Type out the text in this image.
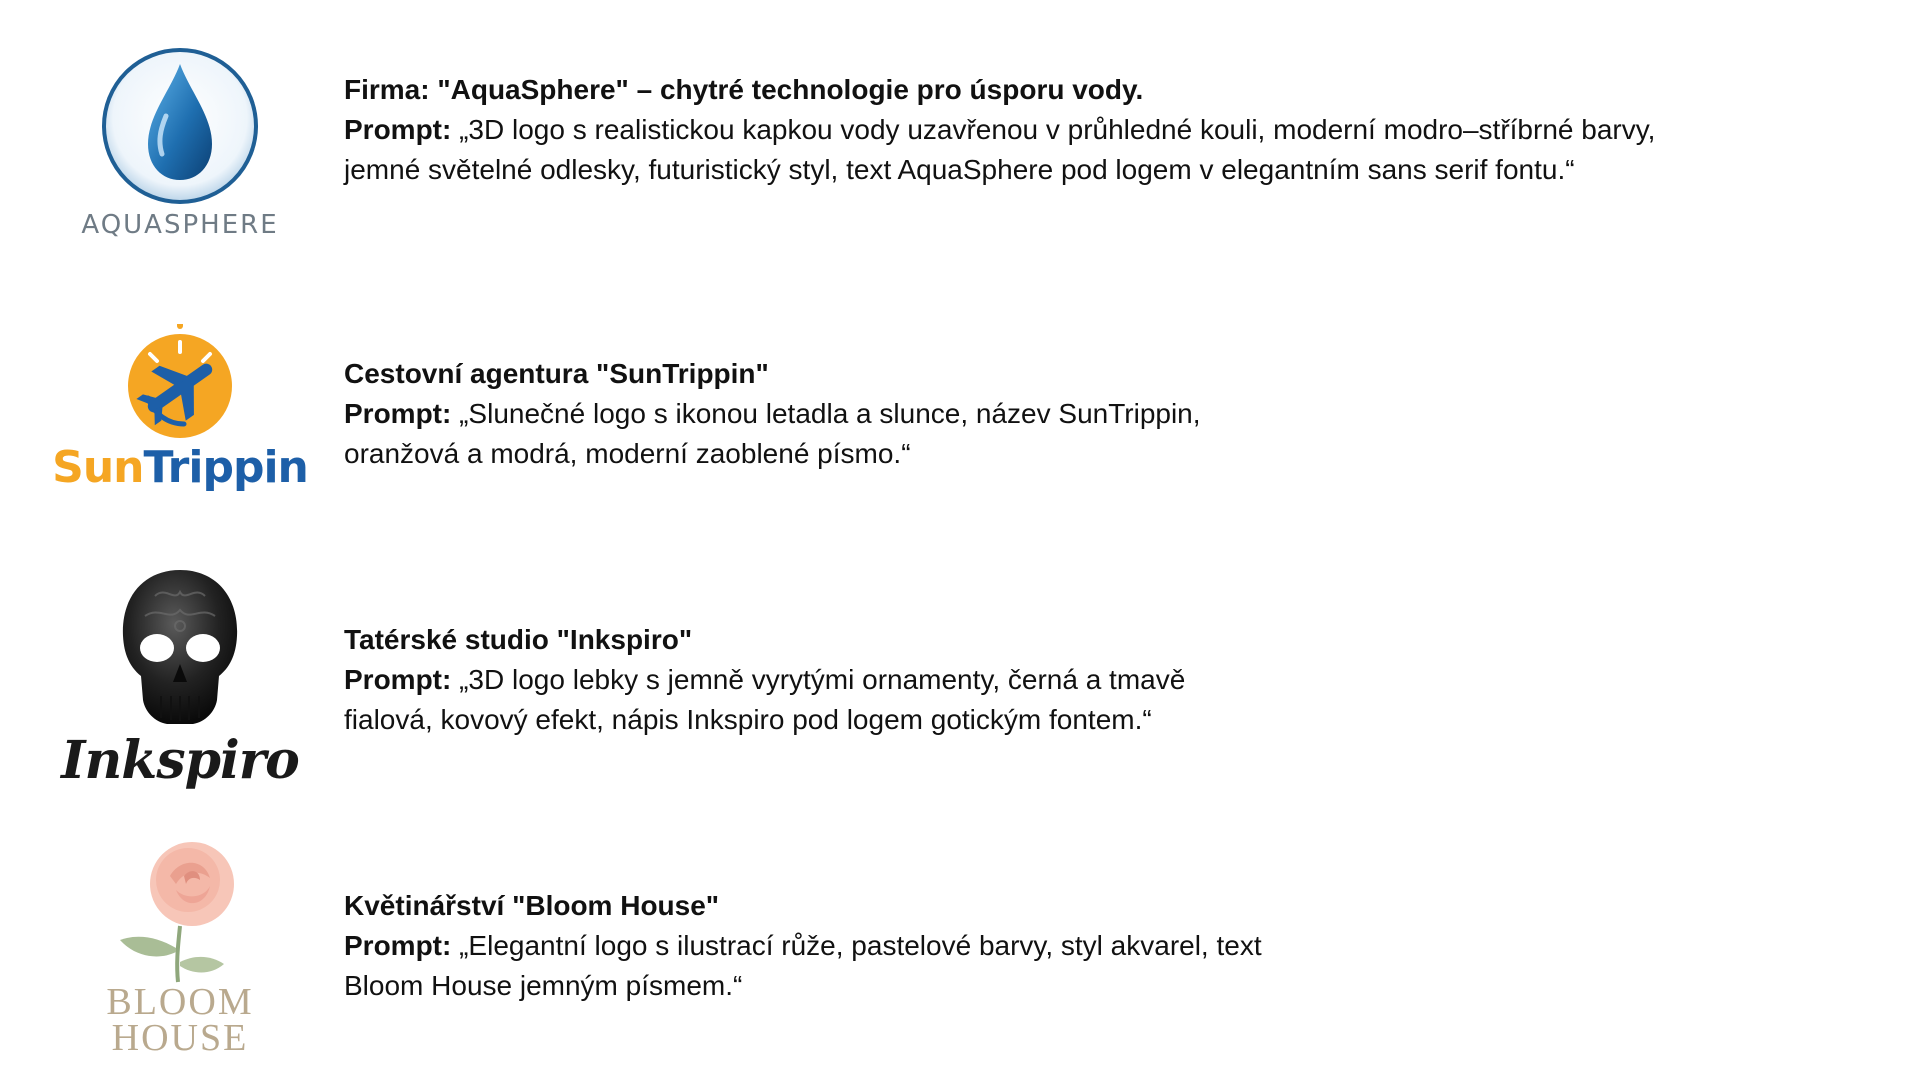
AQUASPHERE
Firma: "AquaSphere" – chytré technologie pro úsporu vody.
Prompt: „3D logo s realistickou kapkou vody uzavřenou v průhledné kouli, moderní modro–stříbrné barvy,
jemné světelné odlesky, futuristický styl, text AquaSphere pod logem v elegantním sans serif fontu.“
SunTrippin
Cestovní agentura "SunTrippin"
Prompt: „Slunečné logo s ikonou letadla a slunce, název SunTrippin,
oranžová a modrá, moderní zaoblené písmo.“
Inkspiro
Tatérské studio "Inkspiro"
Prompt: „3D logo lebky s jemně vyrytými ornamenty, černá a tmavě
fialová, kovový efekt, nápis Inkspiro pod logem gotickým fontem.“
BLOOM
HOUSE
Květinářství "Bloom House"
Prompt: „Elegantní logo s ilustrací růže, pastelové barvy, styl akvarel, text
Bloom House jemným písmem.“
